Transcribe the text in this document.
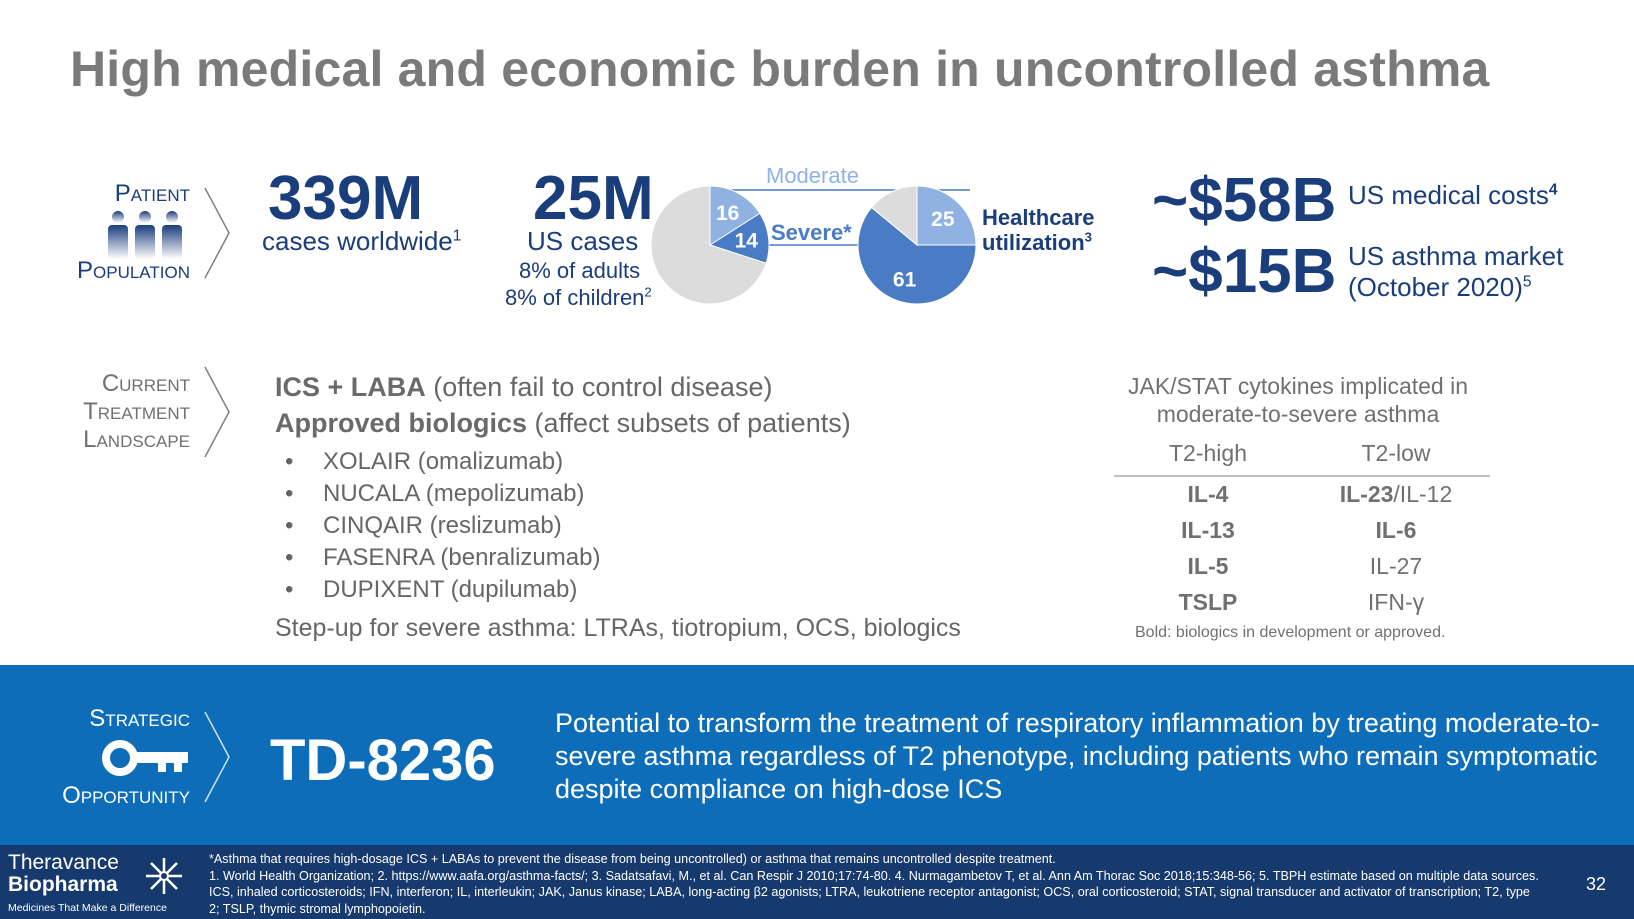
High medical and economic burden in uncontrolled asthma
Patient
Population
339M
cases worldwide$^1$
25M
US cases
8% of adults
8% of children$^2$
16
14
25
61
Moderate
Severe*
Healthcare
utilization$^3$
~$58B US medical costs$^4$
~$15B US asthma market
(October 2020)$^5$
Current
Treatment
Landscape
ICS + LABA (often fail to control disease)
Approved biologics (affect subsets of patients)
• XOLAIR (omalizumab)
• NUCALA (mepolizumab)
• CINQAIR (reslizumab)
• FASENRA (benralizumab)
• DUPIXENT (dupilumab)
Step-up for severe asthma: LTRAs, tiotropium, OCS, biologics
JAK/STAT cytokines implicated in
moderate-to-severe asthma
T2-high	T2-low
IL-4	IL-23/IL-12
IL-13	IL-6
IL-5	IL-27
TSLP	IFN-γ
Bold: biologics in development or approved.
Strategic
Opportunity
TD-8236
Potential to transform the treatment of respiratory inflammation by treating moderate-to-severe asthma regardless of T2 phenotype, including patients who remain symptomatic despite compliance on high-dose ICS
Theravance
Biopharma
Medicines That Make a Difference
*Asthma that requires high-dosage ICS + LABAs to prevent the disease from being uncontrolled) or asthma that remains uncontrolled despite treatment.
1. World Health Organization; 2. https://www.aafa.org/asthma-facts/; 3. Sadatsafavi, M., et al. Can Respir J 2010;17:74-80. 4. Nurmagambetov T, et al. Ann Am Thorac Soc 2018;15:348-56; 5. TBPH estimate based on multiple data sources. ICS, inhaled corticosteroids; IFN, interferon; IL, interleukin; JAK, Janus kinase; LABA, long-acting β2 agonists; LTRA, leukotriene receptor antagonist; OCS, oral corticosteroid; STAT, signal transducer and activator of transcription; T2, type 2; TSLP, thymic stromal lymphopoietin.
32
